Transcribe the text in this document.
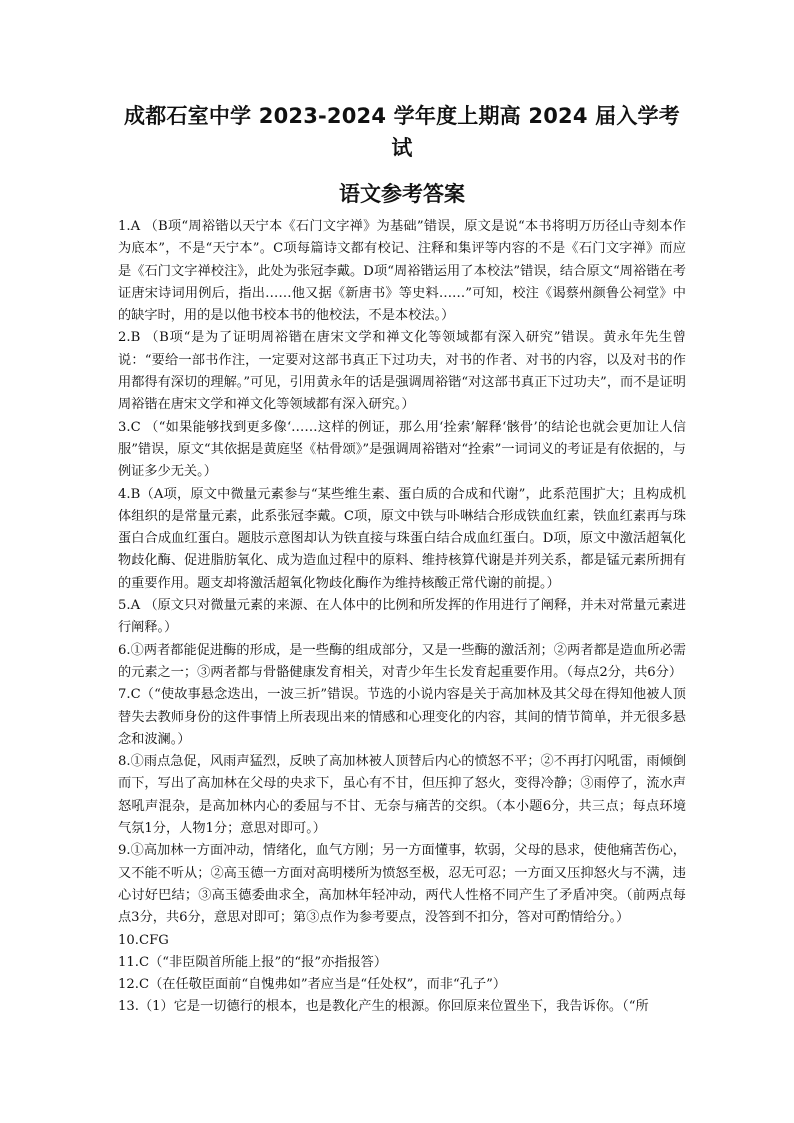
成都石室中学 2023-2024 学年度上期高 2024 届入学考试
语文参考答案

1.A （B项“周裕锴以天宁本《石门文字禅》为基础”错误，原文是说“本书将明万历径山寺刻本作为底本”，不是“天宁本”。C项每篇诗文都有校记、注释和集评等内容的不是《石门文字禅》而应是《石门文字禅校注》，此处为张冠李戴。D项“周裕锴运用了本校法”错误，结合原文“周裕锴在考证唐宋诗词用例后，指出……他又据《新唐书》等史料……”可知，校注《谒蔡州颜鲁公祠堂》中的缺字时，用的是以他书校本书的他校法，不是本校法。）

2.B （B项“是为了证明周裕锴在唐宋文学和禅文化等领域都有深入研究”错误。黄永年先生曾说：“要给一部书作注，一定要对这部书真正下过功夫，对书的作者、对书的内容，以及对书的作用都得有深切的理解。”可见，引用黄永年的话是强调周裕锴“对这部书真正下过功夫”，而不是证明周裕锴在唐宋文学和禅文化等领域都有深入研究。）

3.C （“如果能够找到更多像‘……这样的例证，那么用‘拴索’解释‘骸骨’的结论也就会更加让人信服”错误，原文“其依据是黄庭坚《枯骨颂》”是强调周裕锴对“拴索”一词词义的考证是有依据的，与例证多少无关。）

4.B（A项，原文中微量元素参与“某些维生素、蛋白质的合成和代谢”，此系范围扩大；且构成机体组织的是常量元素，此系张冠李戴。C项，原文中铁与卟啉结合形成铁血红素，铁血红素再与珠蛋白合成血红蛋白。题肢示意图却认为铁直接与珠蛋白结合成血红蛋白。D项，原文中激活超氧化物歧化酶、促进脂肪氧化、成为造血过程中的原料、维持核算代谢是并列关系，都是锰元素所拥有的重要作用。题支却将激活超氧化物歧化酶作为维持核酸正常代谢的前提。）

5.A （原文只对微量元素的来源、在人体中的比例和所发挥的作用进行了阐释，并未对常量元素进行阐释。）

6.①两者都能促进酶的形成，是一些酶的组成部分，又是一些酶的激活剂；②两者都是造血所必需的元素之一；③两者都与骨骼健康发育相关，对青少年生长发育起重要作用。（每点2分，共6分）

7.C（“使故事悬念迭出，一波三折”错误。节选的小说内容是关于高加林及其父母在得知他被人顶替失去教师身份的这件事情上所表现出来的情感和心理变化的内容，其间的情节简单，并无很多悬念和波澜。）

8.①雨点急促，风雨声猛烈，反映了高加林被人顶替后内心的愤怒不平；②不再打闪吼雷，雨倾倒而下，写出了高加林在父母的央求下，虽心有不甘，但压抑了怒火，变得冷静；③雨停了，流水声怒吼声混杂，是高加林内心的委屈与不甘、无奈与痛苦的交织。（本小题6分，共三点；每点环境气氛1分，人物1分；意思对即可。）

9.①高加林一方面冲动，情绪化，血气方刚；另一方面懂事，软弱，父母的恳求，使他痛苦伤心，又不能不听从；②高玉德一方面对高明楼所为愤怒至极，忍无可忍；一方面又压抑怒火与不满，违心讨好巴结；③高玉德委曲求全，高加林年轻冲动，两代人性格不同产生了矛盾冲突。（前两点每点3分，共6分，意思对即可；第③点作为参考要点，没答到不扣分，答对可酌情给分。）

10.CFG

11.C（“非臣陨首所能上报”的“报”亦指报答）

12.C（在任敬臣面前“自愧弗如”者应当是“任处权”，而非“孔子”）

13.（1）它是一切德行的根本，也是教化产生的根源。你回原来位置坐下，我告诉你。（“所
